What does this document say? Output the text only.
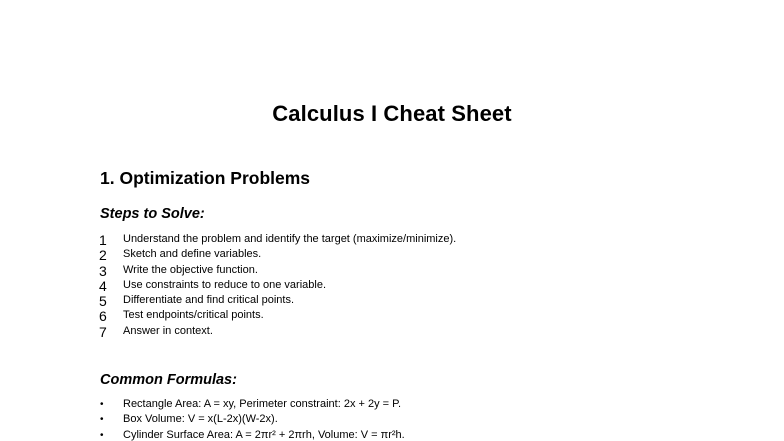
Calculus I Cheat Sheet
1. Optimization Problems
Steps to Solve:
1	Understand the problem and identify the target (maximize/minimize).
2	Sketch and define variables.
3	Write the objective function.
4	Use constraints to reduce to one variable.
5	Differentiate and find critical points.
6	Test endpoints/critical points.
7	Answer in context.
Common Formulas:
• Rectangle Area: A = xy, Perimeter constraint: 2x + 2y = P.
• Box Volume: V = x(L-2x)(W-2x).
• Cylinder Surface Area: A = 2πr² + 2πrh, Volume: V = πr²h.
